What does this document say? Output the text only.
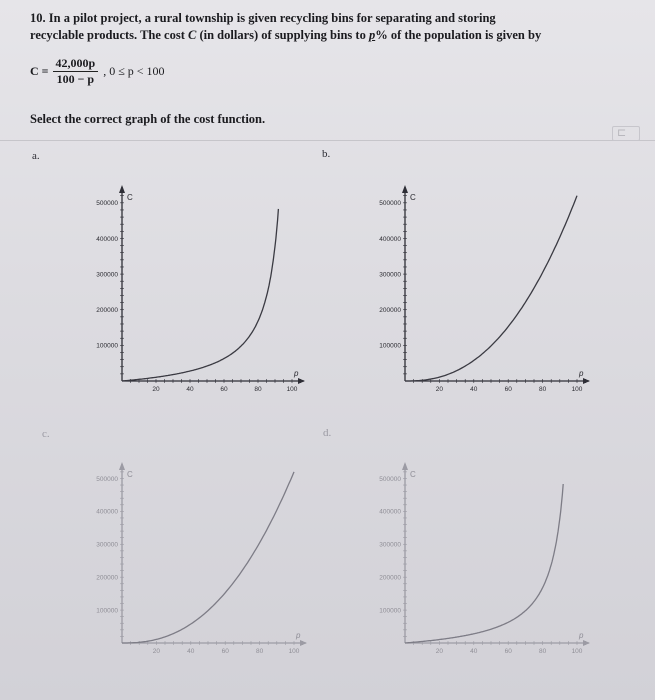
10. In a pilot project, a rural township is given recycling bins for separating and storing
recyclable products. The cost C (in dollars) of supplying bins to p% of the population is given by
$C = \frac{42,000p}{100 - p}$ , 0 ≤ p < 100
Select the correct graph of the cost function.
⊏
a.	b.
c.	d.
500000
400000
300000
200000
100000
20	40	60	80	100
C
p
500000
400000
300000
200000
100000
20	40	60	80	100
C
p
500000
400000
300000
200000
100000
20	40	60	80	100
C
p
500000
400000
300000
200000
100000
20	40	60	80	100
C
p
